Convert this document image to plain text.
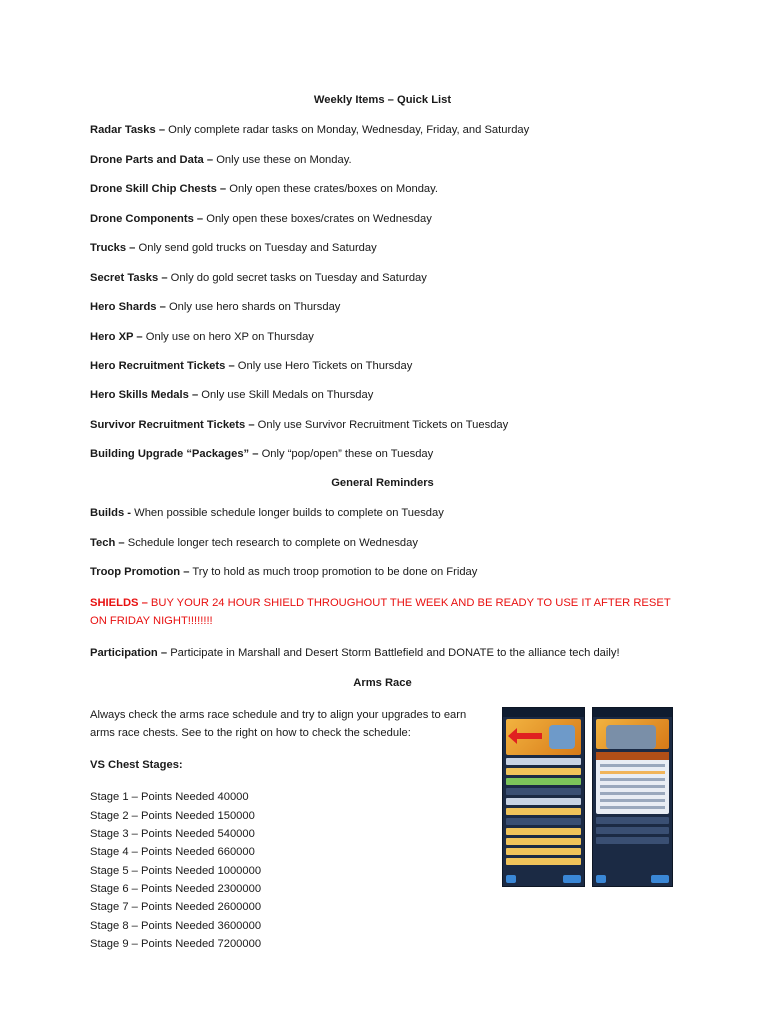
Weekly Items – Quick List
Radar Tasks – Only complete radar tasks on Monday, Wednesday, Friday, and Saturday
Drone Parts and Data – Only use these on Monday.
Drone Skill Chip Chests – Only open these crates/boxes on Monday.
Drone Components – Only open these boxes/crates on Wednesday
Trucks – Only send gold trucks on Tuesday and Saturday
Secret Tasks – Only do gold secret tasks on Tuesday and Saturday
Hero Shards – Only use hero shards on Thursday
Hero XP – Only use on hero XP on Thursday
Hero Recruitment Tickets – Only use Hero Tickets on Thursday
Hero Skills Medals – Only use Skill Medals on Thursday
Survivor Recruitment Tickets – Only use Survivor Recruitment Tickets on Tuesday
Building Upgrade “Packages” – Only “pop/open” these on Tuesday
General Reminders
Builds - When possible schedule longer builds to complete on Tuesday
Tech – Schedule longer tech research to complete on Wednesday
Troop Promotion – Try to hold as much troop promotion to be done on Friday
SHIELDS – BUY YOUR 24 HOUR SHIELD THROUGHOUT THE WEEK AND BE READY TO USE IT AFTER RESET ON FRIDAY NIGHT!!!!!!!!
Participation – Participate in Marshall and Desert Storm Battlefield and DONATE to the alliance tech daily!
Arms Race
Always check the arms race schedule and try to align your upgrades to earn arms race chests. See to the right on how to check the schedule:
VS Chest Stages:
Stage 1 – Points Needed 40000
Stage 2 – Points Needed 150000
Stage 3 – Points Needed 540000
Stage 4 – Points Needed 660000
Stage 5 – Points Needed 1000000
Stage 6 – Points Needed 2300000
Stage 7 – Points Needed 2600000
Stage 8 – Points Needed 3600000
Stage 9 – Points Needed 7200000
